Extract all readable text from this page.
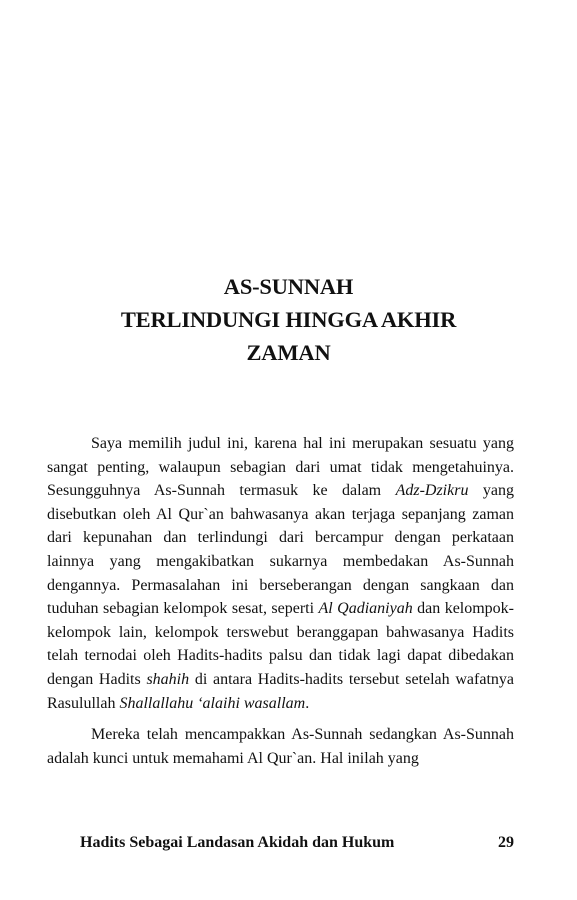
AS-SUNNAH
TERLINDUNGI HINGGA AKHIR
ZAMAN

Saya memilih judul ini, karena hal ini merupakan sesuatu yang sangat penting, walaupun sebagian dari umat tidak mengetahuinya. Sesungguhnya As-Sunnah termasuk ke dalam Adz-Dzikru yang disebutkan oleh Al Qur`an bahwasanya akan terjaga sepanjang zaman dari kepunahan dan terlindungi dari bercampur dengan perkataan lainnya yang mengakibatkan sukarnya membedakan As-Sunnah dengannya. Permasalahan ini berseberangan dengan sangkaan dan tuduhan sebagian kelompok sesat, seperti Al Qadianiyah dan kelompok-kelompok lain, kelompok terswebut beranggapan bahwasanya Hadits telah ternodai oleh Hadits-hadits palsu dan tidak lagi dapat dibedakan dengan Hadits shahih di antara Hadits-hadits tersebut setelah wafatnya Rasulullah Shallallahu ‘alaihi wasallam.

Mereka telah mencampakkan As-Sunnah sedangkan As-Sunnah adalah kunci untuk memahami Al Qur`an. Hal inilah yang

Hadits Sebagai Landasan Akidah dan Hukum	29
